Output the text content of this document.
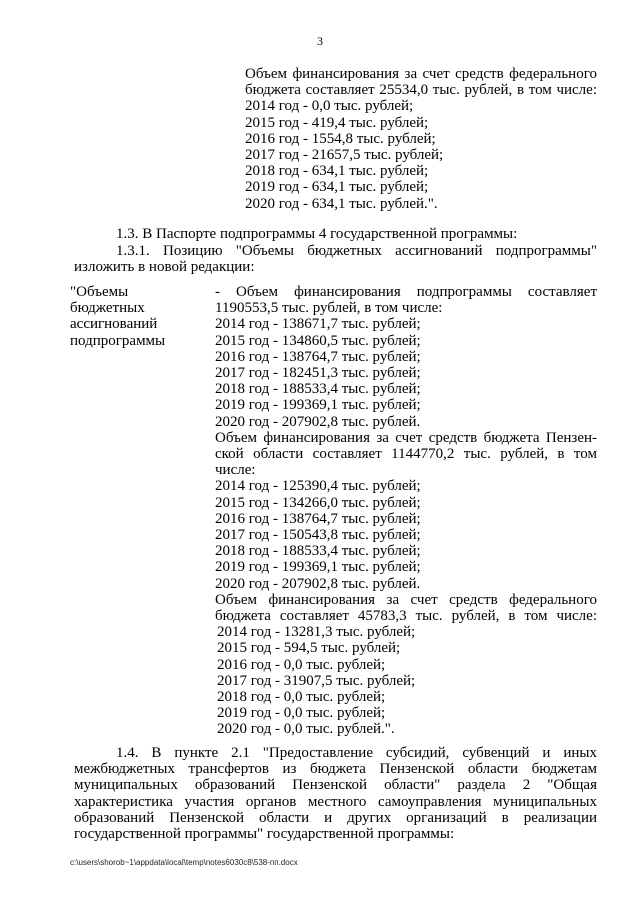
3
Объем финансирования за счет средств федерального
бюджета составляет 25534,0 тыс. рублей, в том числе:
2014 год - 0,0 тыс. рублей;
2015 год - 419,4 тыс. рублей;
2016 год - 1554,8 тыс. рублей;
2017 год - 21657,5 тыс. рублей;
2018 год - 634,1 тыс. рублей;
2019 год - 634,1 тыс. рублей;
2020 год - 634,1 тыс. рублей.".
1.3. В Паспорте подпрограммы 4 государственной программы:
1.3.1. Позицию "Объемы бюджетных ассигнований подпрограммы"
изложить в новой редакции:
"Объемы
бюджетных
ассигнований
подпрограммы
- Объем финансирования подпрограммы составляет
1190553,5 тыс. рублей, в том числе:
2014 год - 138671,7 тыс. рублей;
2015 год - 134860,5 тыс. рублей;
2016 год - 138764,7 тыс. рублей;
2017 год - 182451,3 тыс. рублей;
2018 год - 188533,4 тыс. рублей;
2019 год - 199369,1 тыс. рублей;
2020 год - 207902,8 тыс. рублей.
Объем финансирования за счет средств бюджета Пензен-
ской области составляет 1144770,2 тыс. рублей, в том
числе:
2014 год - 125390,4 тыс. рублей;
2015 год - 134266,0 тыс. рублей;
2016 год - 138764,7 тыс. рублей;
2017 год - 150543,8 тыс. рублей;
2018 год - 188533,4 тыс. рублей;
2019 год - 199369,1 тыс. рублей;
2020 год - 207902,8 тыс. рублей.
Объем финансирования за счет средств федерального
бюджета составляет 45783,3 тыс. рублей, в том числе:
2014 год - 13281,3 тыс. рублей;
2015 год - 594,5 тыс. рублей;
2016 год - 0,0 тыс. рублей;
2017 год - 31907,5 тыс. рублей;
2018 год - 0,0 тыс. рублей;
2019 год - 0,0 тыс. рублей;
2020 год - 0,0 тыс. рублей.".
1.4. В пункте 2.1 "Предоставление субсидий, субвенций и иных
межбюджетных трансфертов из бюджета Пензенской области бюджетам
муниципальных образований Пензенской области" раздела 2 "Общая
характеристика участия органов местного самоуправления муниципальных
образований Пензенской области и других организаций в реализации
государственной программы" государственной программы:
c:\users\shorob~1\appdata\local\temp\notes6030c8\538-пп.docx
